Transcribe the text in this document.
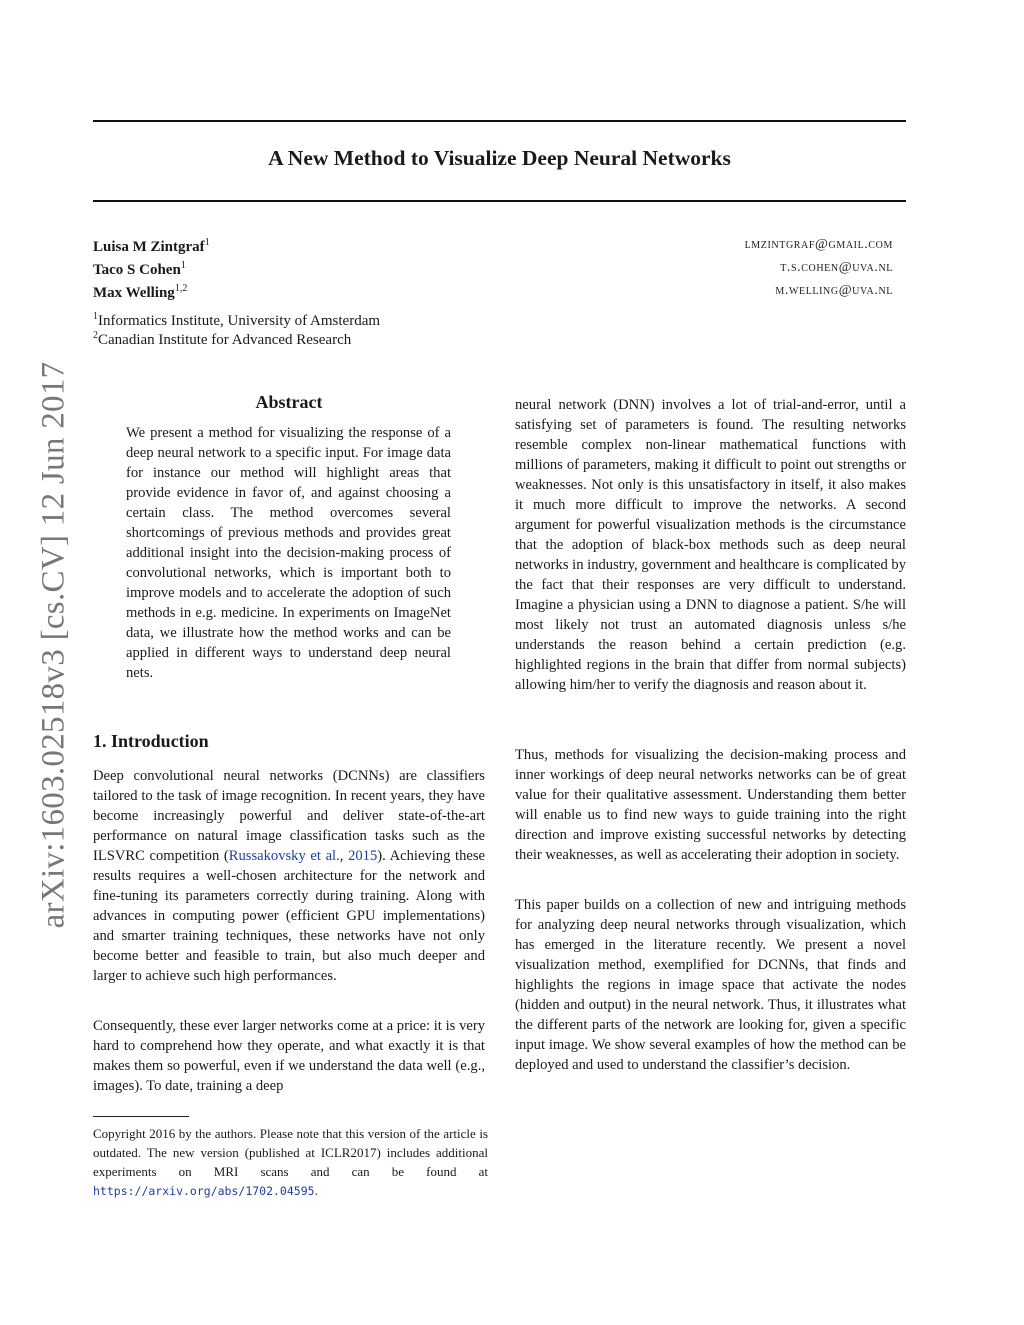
arXiv:1603.02518v3 [cs.CV] 12 Jun 2017
A New Method to Visualize Deep Neural Networks
Luisa M Zintgraf$^1$	lmzintgraf@gmail.com
Taco S Cohen$^1$	t.s.cohen@uva.nl
Max Welling$^{1,2}$	m.welling@uva.nl
$^1$Informatics Institute, University of Amsterdam
$^2$Canadian Institute for Advanced Research
Abstract

We present a method for visualizing the response of a deep neural network to a specific input. For image data for instance our method will highlight areas that provide evidence in favor of, and against choosing a certain class. The method overcomes several shortcomings of previous methods and provides great additional insight into the decision-making process of convolutional networks, which is important both to improve models and to accelerate the adoption of such methods in e.g. medicine. In experiments on ImageNet data, we illustrate how the method works and can be applied in different ways to understand deep neural nets.

1. Introduction

Deep convolutional neural networks (DCNNs) are classifiers tailored to the task of image recognition. In recent years, they have become increasingly powerful and deliver state-of-the-art performance on natural image classification tasks such as the ILSVRC competition (Russakovsky et al., 2015). Achieving these results requires a well-chosen architecture for the network and fine-tuning its parameters correctly during training. Along with advances in computing power (efficient GPU implementations) and smarter training techniques, these networks have not only become better and feasible to train, but also much deeper and larger to achieve such high performances.

Consequently, these ever larger networks come at a price: it is very hard to comprehend how they operate, and what exactly it is that makes them so powerful, even if we understand the data well (e.g., images). To date, training a deep

neural network (DNN) involves a lot of trial-and-error, until a satisfying set of parameters is found. The resulting networks resemble complex non-linear mathematical functions with millions of parameters, making it difficult to point out strengths or weaknesses. Not only is this unsatisfactory in itself, it also makes it much more difficult to improve the networks. A second argument for powerful visualization methods is the circumstance that the adoption of black-box methods such as deep neural networks in industry, government and healthcare is complicated by the fact that their responses are very difficult to understand. Imagine a physician using a DNN to diagnose a patient. S/he will most likely not trust an automated diagnosis unless s/he understands the reason behind a certain prediction (e.g. highlighted regions in the brain that differ from normal subjects) allowing him/her to verify the diagnosis and reason about it.

Thus, methods for visualizing the decision-making process and inner workings of deep neural networks networks can be of great value for their qualitative assessment. Understanding them better will enable us to find new ways to guide training into the right direction and improve existing successful networks by detecting their weaknesses, as well as accelerating their adoption in society.

This paper builds on a collection of new and intriguing methods for analyzing deep neural networks through visualization, which has emerged in the literature recently. We present a novel visualization method, exemplified for DCNNs, that finds and highlights the regions in image space that activate the nodes (hidden and output) in the neural network. Thus, it illustrates what the different parts of the network are looking for, given a specific input image. We show several examples of how the method can be deployed and used to understand the classifier’s decision.

Copyright 2016 by the authors. Please note that this version of the article is outdated. The new version (published at ICLR2017) includes additional experiments on MRI scans and can be found at https://arxiv.org/abs/1702.04595.
